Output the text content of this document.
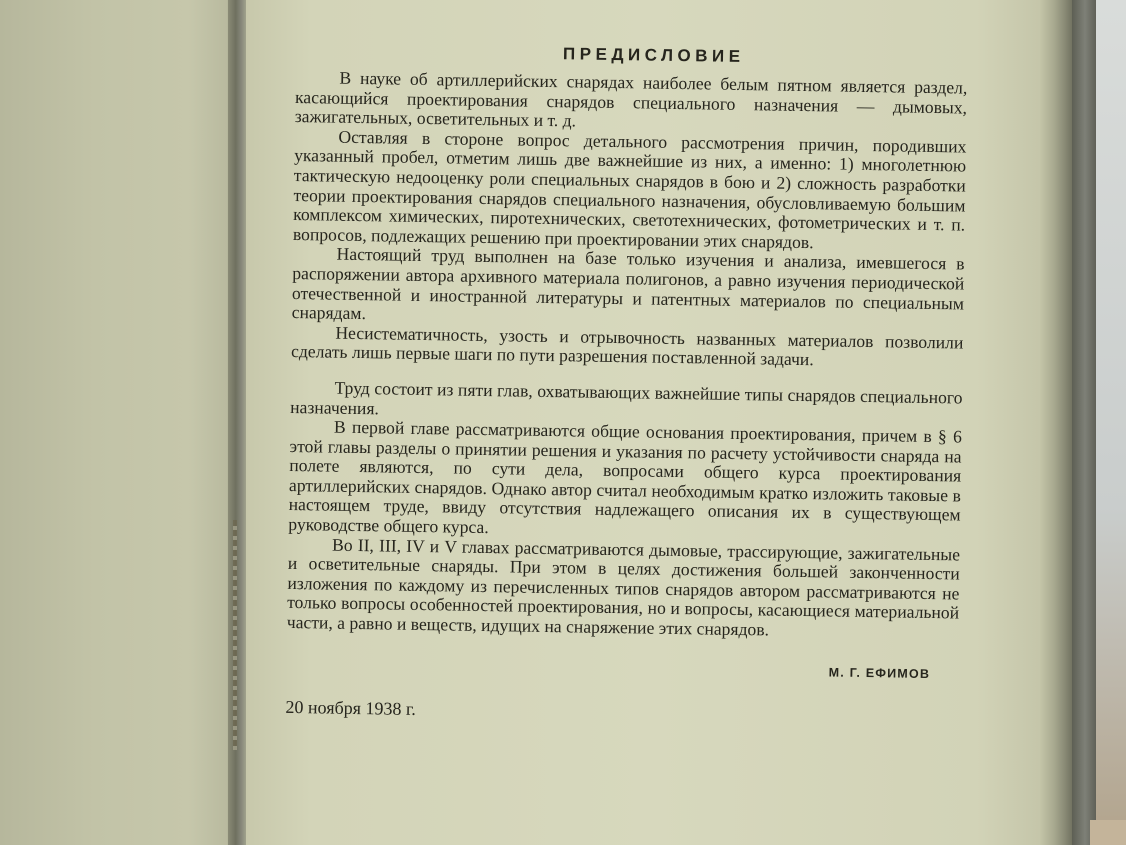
ПРЕДИСЛОВИЕ

В науке об артиллерийских снарядах наиболее белым пятном является раздел, касающийся проектирования снарядов специального назначения — дымовых, зажигательных, осветительных и т. д.

Оставляя в стороне вопрос детального рассмотрения причин, породивших указанный пробел, отметим лишь две важнейшие из них, а именно: 1) многолетнюю тактическую недооценку роли специальных снарядов в бою и 2) сложность разработки теории проектирования снарядов специального назначения, обусловливаемую большим комплексом химических, пиротехнических, светотехнических, фотометрических и т. п. вопросов, подлежащих решению при проектировании этих снарядов.

Настоящий труд выполнен на базе только изучения и анализа, имевшегося в распоряжении автора архивного материала полигонов, а равно изучения периодической отечественной и иностранной литературы и патентных материалов по специальным снарядам.

Несистематичность, узость и отрывочность названных материалов позволили сделать лишь первые шаги по пути разрешения поставленной задачи.

Труд состоит из пяти глав, охватывающих важнейшие типы снарядов специального назначения.

В первой главе рассматриваются общие основания проектирования, причем в § 6 этой главы разделы о принятии решения и указания по расчету устойчивости снаряда на полете являются, по сути дела, вопросами общего курса проектирования артиллерийских снарядов. Однако автор считал необходимым кратко изложить таковые в настоящем труде, ввиду отсутствия надлежащего описания их в существующем руководстве общего курса.

Во II, III, IV и V главах рассматриваются дымовые, трассирующие, зажигательные и осветительные снаряды. При этом в целях достижения большей законченности изложения по каждому из перечисленных типов снарядов автором рассматриваются не только вопросы особенностей проектирования, но и вопросы, касающиеся материальной части, а равно и веществ, идущих на снаряжение этих снарядов.

М. Г. ЕФИМОВ
20 ноября 1938 г.
